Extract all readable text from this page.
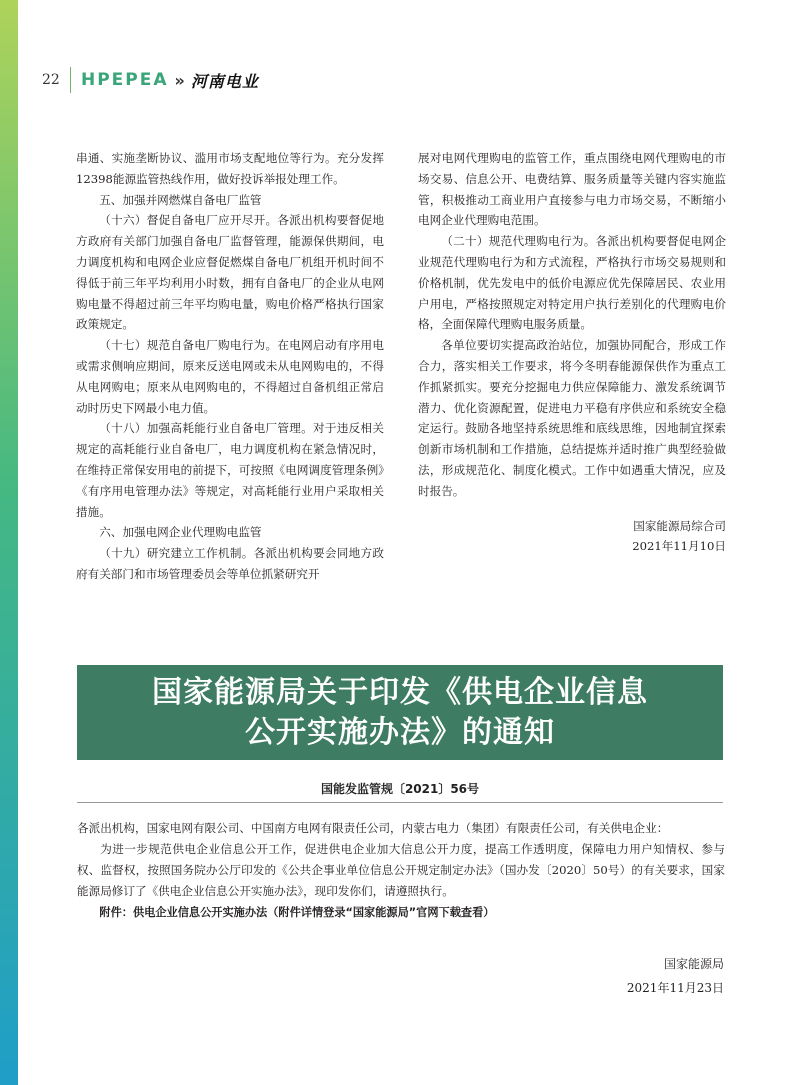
22	HPEPEA » 河南电业

串通、实施垄断协议、滥用市场支配地位等行为。充分发挥12398能源监管热线作用，做好投诉举报处理工作。

五、加强并网燃煤自备电厂监管

（十六）督促自备电厂应开尽开。各派出机构要督促地方政府有关部门加强自备电厂监督管理，能源保供期间，电力调度机构和电网企业应督促燃煤自备电厂机组开机时间不得低于前三年平均利用小时数，拥有自备电厂的企业从电网购电量不得超过前三年平均购电量，购电价格严格执行国家政策规定。

（十七）规范自备电厂购电行为。在电网启动有序用电或需求侧响应期间，原来反送电网或未从电网购电的，不得从电网购电；原来从电网购电的，不得超过自备机组正常启动时历史下网最小电力值。

（十八）加强高耗能行业自备电厂管理。对于违反相关规定的高耗能行业自备电厂，电力调度机构在紧急情况时，在维持正常保安用电的前提下，可按照《电网调度管理条例》《有序用电管理办法》等规定，对高耗能行业用户采取相关措施。

六、加强电网企业代理购电监管

（十九）研究建立工作机制。各派出机构要会同地方政府有关部门和市场管理委员会等单位抓紧研究开

展对电网代理购电的监管工作，重点围绕电网代理购电的市场交易、信息公开、电费结算、服务质量等关键内容实施监管，积极推动工商业用户直接参与电力市场交易，不断缩小电网企业代理购电范围。

（二十）规范代理购电行为。各派出机构要督促电网企业规范代理购电行为和方式流程，严格执行市场交易规则和价格机制，优先发电中的低价电源应优先保障居民、农业用户用电，严格按照规定对特定用户执行差别化的代理购电价格，全面保障代理购电服务质量。

各单位要切实提高政治站位，加强协同配合，形成工作合力，落实相关工作要求，将今冬明春能源保供作为重点工作抓紧抓实。要充分挖掘电力供应保障能力、激发系统调节潜力、优化资源配置，促进电力平稳有序供应和系统安全稳定运行。鼓励各地坚持系统思维和底线思维，因地制宜探索创新市场机制和工作措施，总结提炼并适时推广典型经验做法，形成规范化、制度化模式。工作中如遇重大情况，应及时报告。

国家能源局综合司

2021年11月10日

国家能源局关于印发《供电企业信息
公开实施办法》的通知
国能发监管规〔2021〕56号

各派出机构，国家电网有限公司、中国南方电网有限责任公司，内蒙古电力（集团）有限责任公司，有关供电企业：

为进一步规范供电企业信息公开工作，促进供电企业加大信息公开力度，提高工作透明度，保障电力用户知情权、参与权、监督权，按照国务院办公厅印发的《公共企事业单位信息公开规定制定办法》（国办发〔2020〕50号）的有关要求，国家能源局修订了《供电企业信息公开实施办法》，现印发你们，请遵照执行。

附件：供电企业信息公开实施办法（附件详情登录“国家能源局”官网下载查看）

国家能源局

2021年11月23日
